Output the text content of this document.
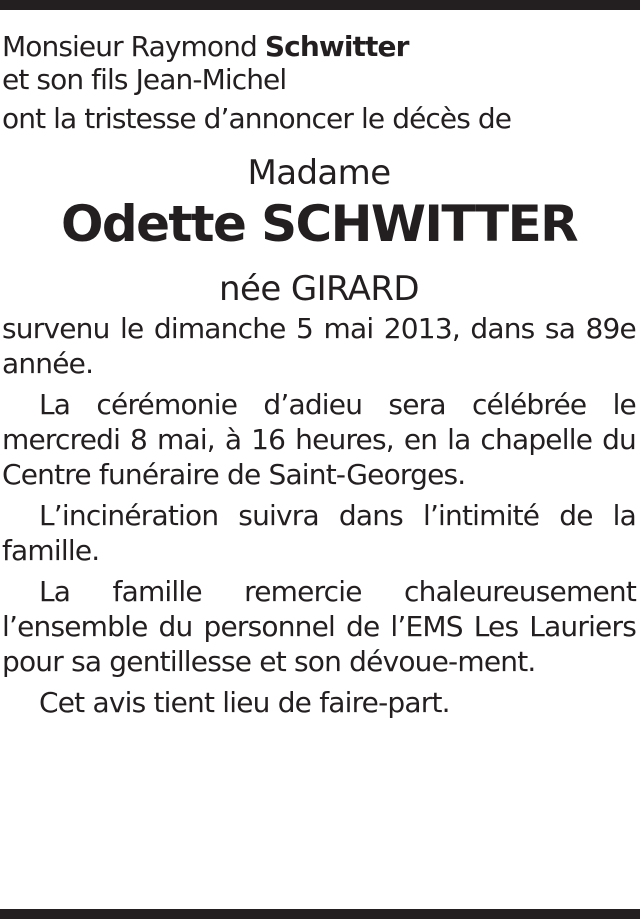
Monsieur Raymond Schwitter
et son fils Jean-Michel
ont la tristesse d’annoncer le décès de
Madame
Odette SCHWITTER
née GIRARD
survenu le dimanche 5 mai 2013, dans sa 89e année.
La cérémonie d’adieu sera célébrée le mercredi 8 mai, à 16 heures, en la chapelle du Centre funéraire de Saint-Georges.
L’incinération suivra dans l’intimité de la famille.
La famille remercie chaleureusement l’ensemble du personnel de l’EMS Les Lauriers pour sa gentillesse et son dévoue-ment.
Cet avis tient lieu de faire-part.
